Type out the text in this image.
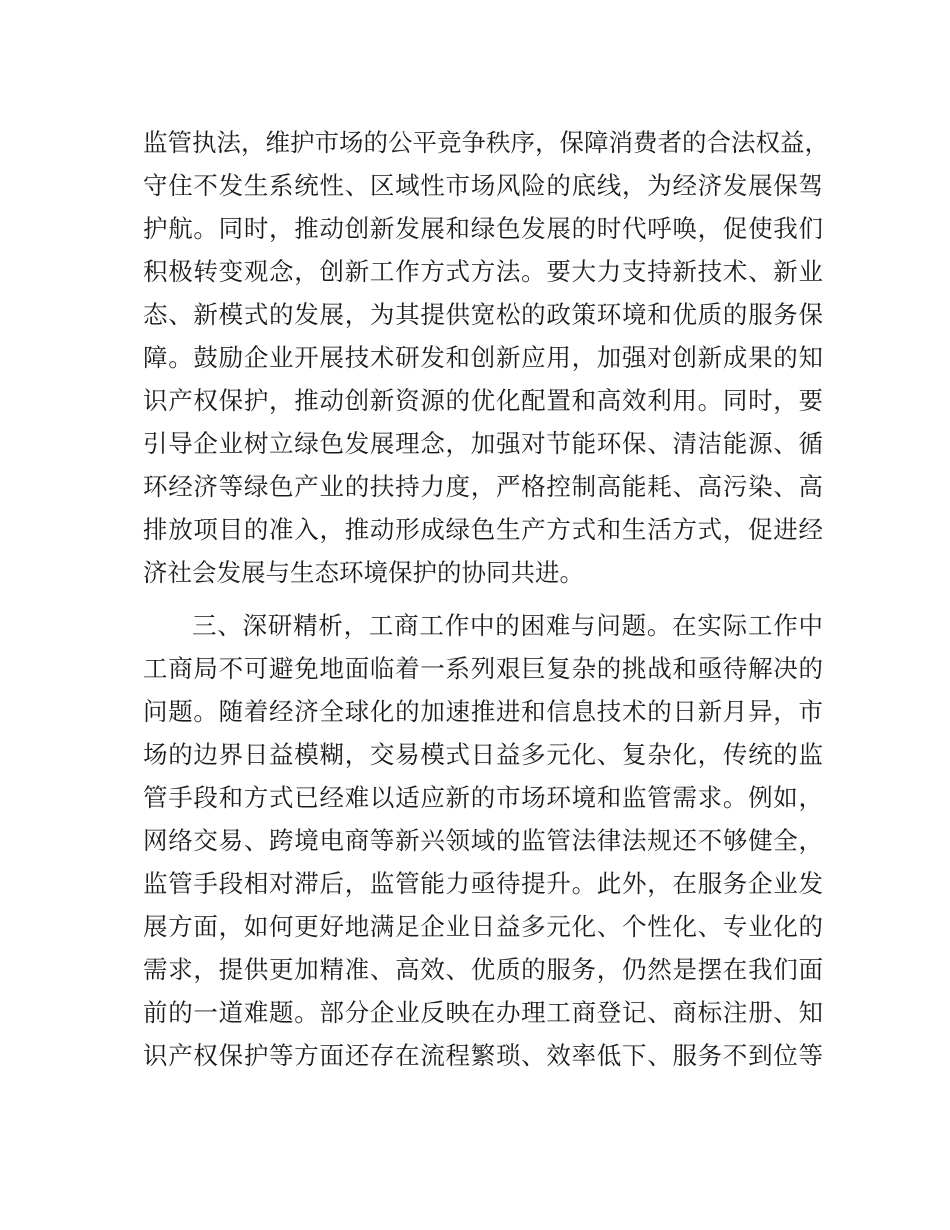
监管执法，维护市场的公平竞争秩序，保障消费者的合法权益，
守住不发生系统性、区域性市场风险的底线，为经济发展保驾
护航。同时，推动创新发展和绿色发展的时代呼唤，促使我们
积极转变观念，创新工作方式方法。要大力支持新技术、新业
态、新模式的发展，为其提供宽松的政策环境和优质的服务保
障。鼓励企业开展技术研发和创新应用，加强对创新成果的知
识产权保护，推动创新资源的优化配置和高效利用。同时，要
引导企业树立绿色发展理念，加强对节能环保、清洁能源、循
环经济等绿色产业的扶持力度，严格控制高能耗、高污染、高
排放项目的准入，推动形成绿色生产方式和生活方式，促进经
济社会发展与生态环境保护的协同共进。
三、深研精析，工商工作中的困难与问题。在实际工作中
工商局不可避免地面临着一系列艰巨复杂的挑战和亟待解决的
问题。随着经济全球化的加速推进和信息技术的日新月异，市
场的边界日益模糊，交易模式日益多元化、复杂化，传统的监
管手段和方式已经难以适应新的市场环境和监管需求。例如，
网络交易、跨境电商等新兴领域的监管法律法规还不够健全，
监管手段相对滞后，监管能力亟待提升。此外，在服务企业发
展方面，如何更好地满足企业日益多元化、个性化、专业化的
需求，提供更加精准、高效、优质的服务，仍然是摆在我们面
前的一道难题。部分企业反映在办理工商登记、商标注册、知
识产权保护等方面还存在流程繁琐、效率低下、服务不到位等
